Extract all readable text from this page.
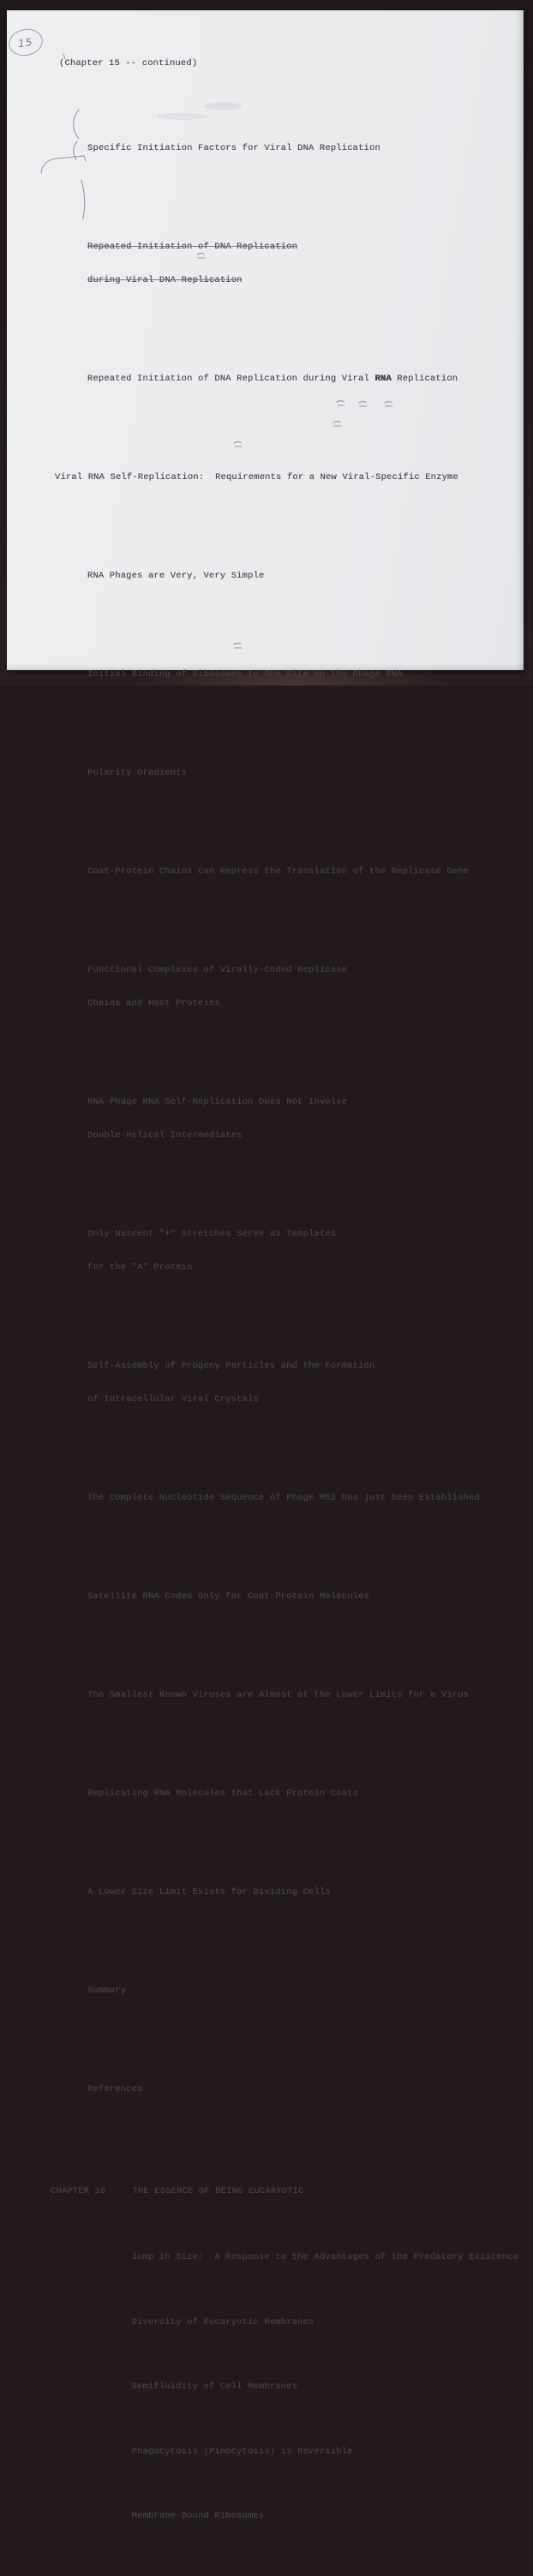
15
(Chapter 15 -- continued)

Specific Initiation Factors for Viral DNA Replication

Repeated Initiation of DNA Replication

during Viral DNA Replication

Repeated Initiation of DNA Replication during Viral RNA Replication

Viral RNA Self-Replication:  Requirements for a New Viral-Specific Enzyme

RNA Phages are Very, Very Simple

Initial Binding of Ribosomes to One Site on the Phage RNA

Polarity Gradients

Coat-Protein Chains can Repress the Translation of the Replicase Gene

Functional Complexes of Virally-Coded Replicase

Chains and Host Proteins

RNA-Phage RNA Self-Replication Does Not Involve

Double-Helical Intermediates

Only Nascent "+" Stretches Serve as Templates

for the "A" Protein

Self-Assembly of Progeny Particles and the Formation

of Intracellular Viral Crystals

The Complete Nucleotide Sequence of Phage MS2 has just been Established

Satellite RNA Codes Only for Coat-Protein Molecules

The Smallest Known Viruses are Almost at the Lower Limits for a Virus

Replicating RNA Molecules that Lack Protein Coats

A Lower Size Limit Exists for Dividing Cells

Summary

References

CHAPTER 16	THE ESSENCE OF BEING EUCARYOTIC

Jump in Size:  A Response to the Advantages of the Predatory Existence

Diversity of Eucaryotic Membranes

Semifluidity of Cell Membranes

Phagocytosis (Pinocytosis) is Reversible

Membrane-Bound Ribosomes
